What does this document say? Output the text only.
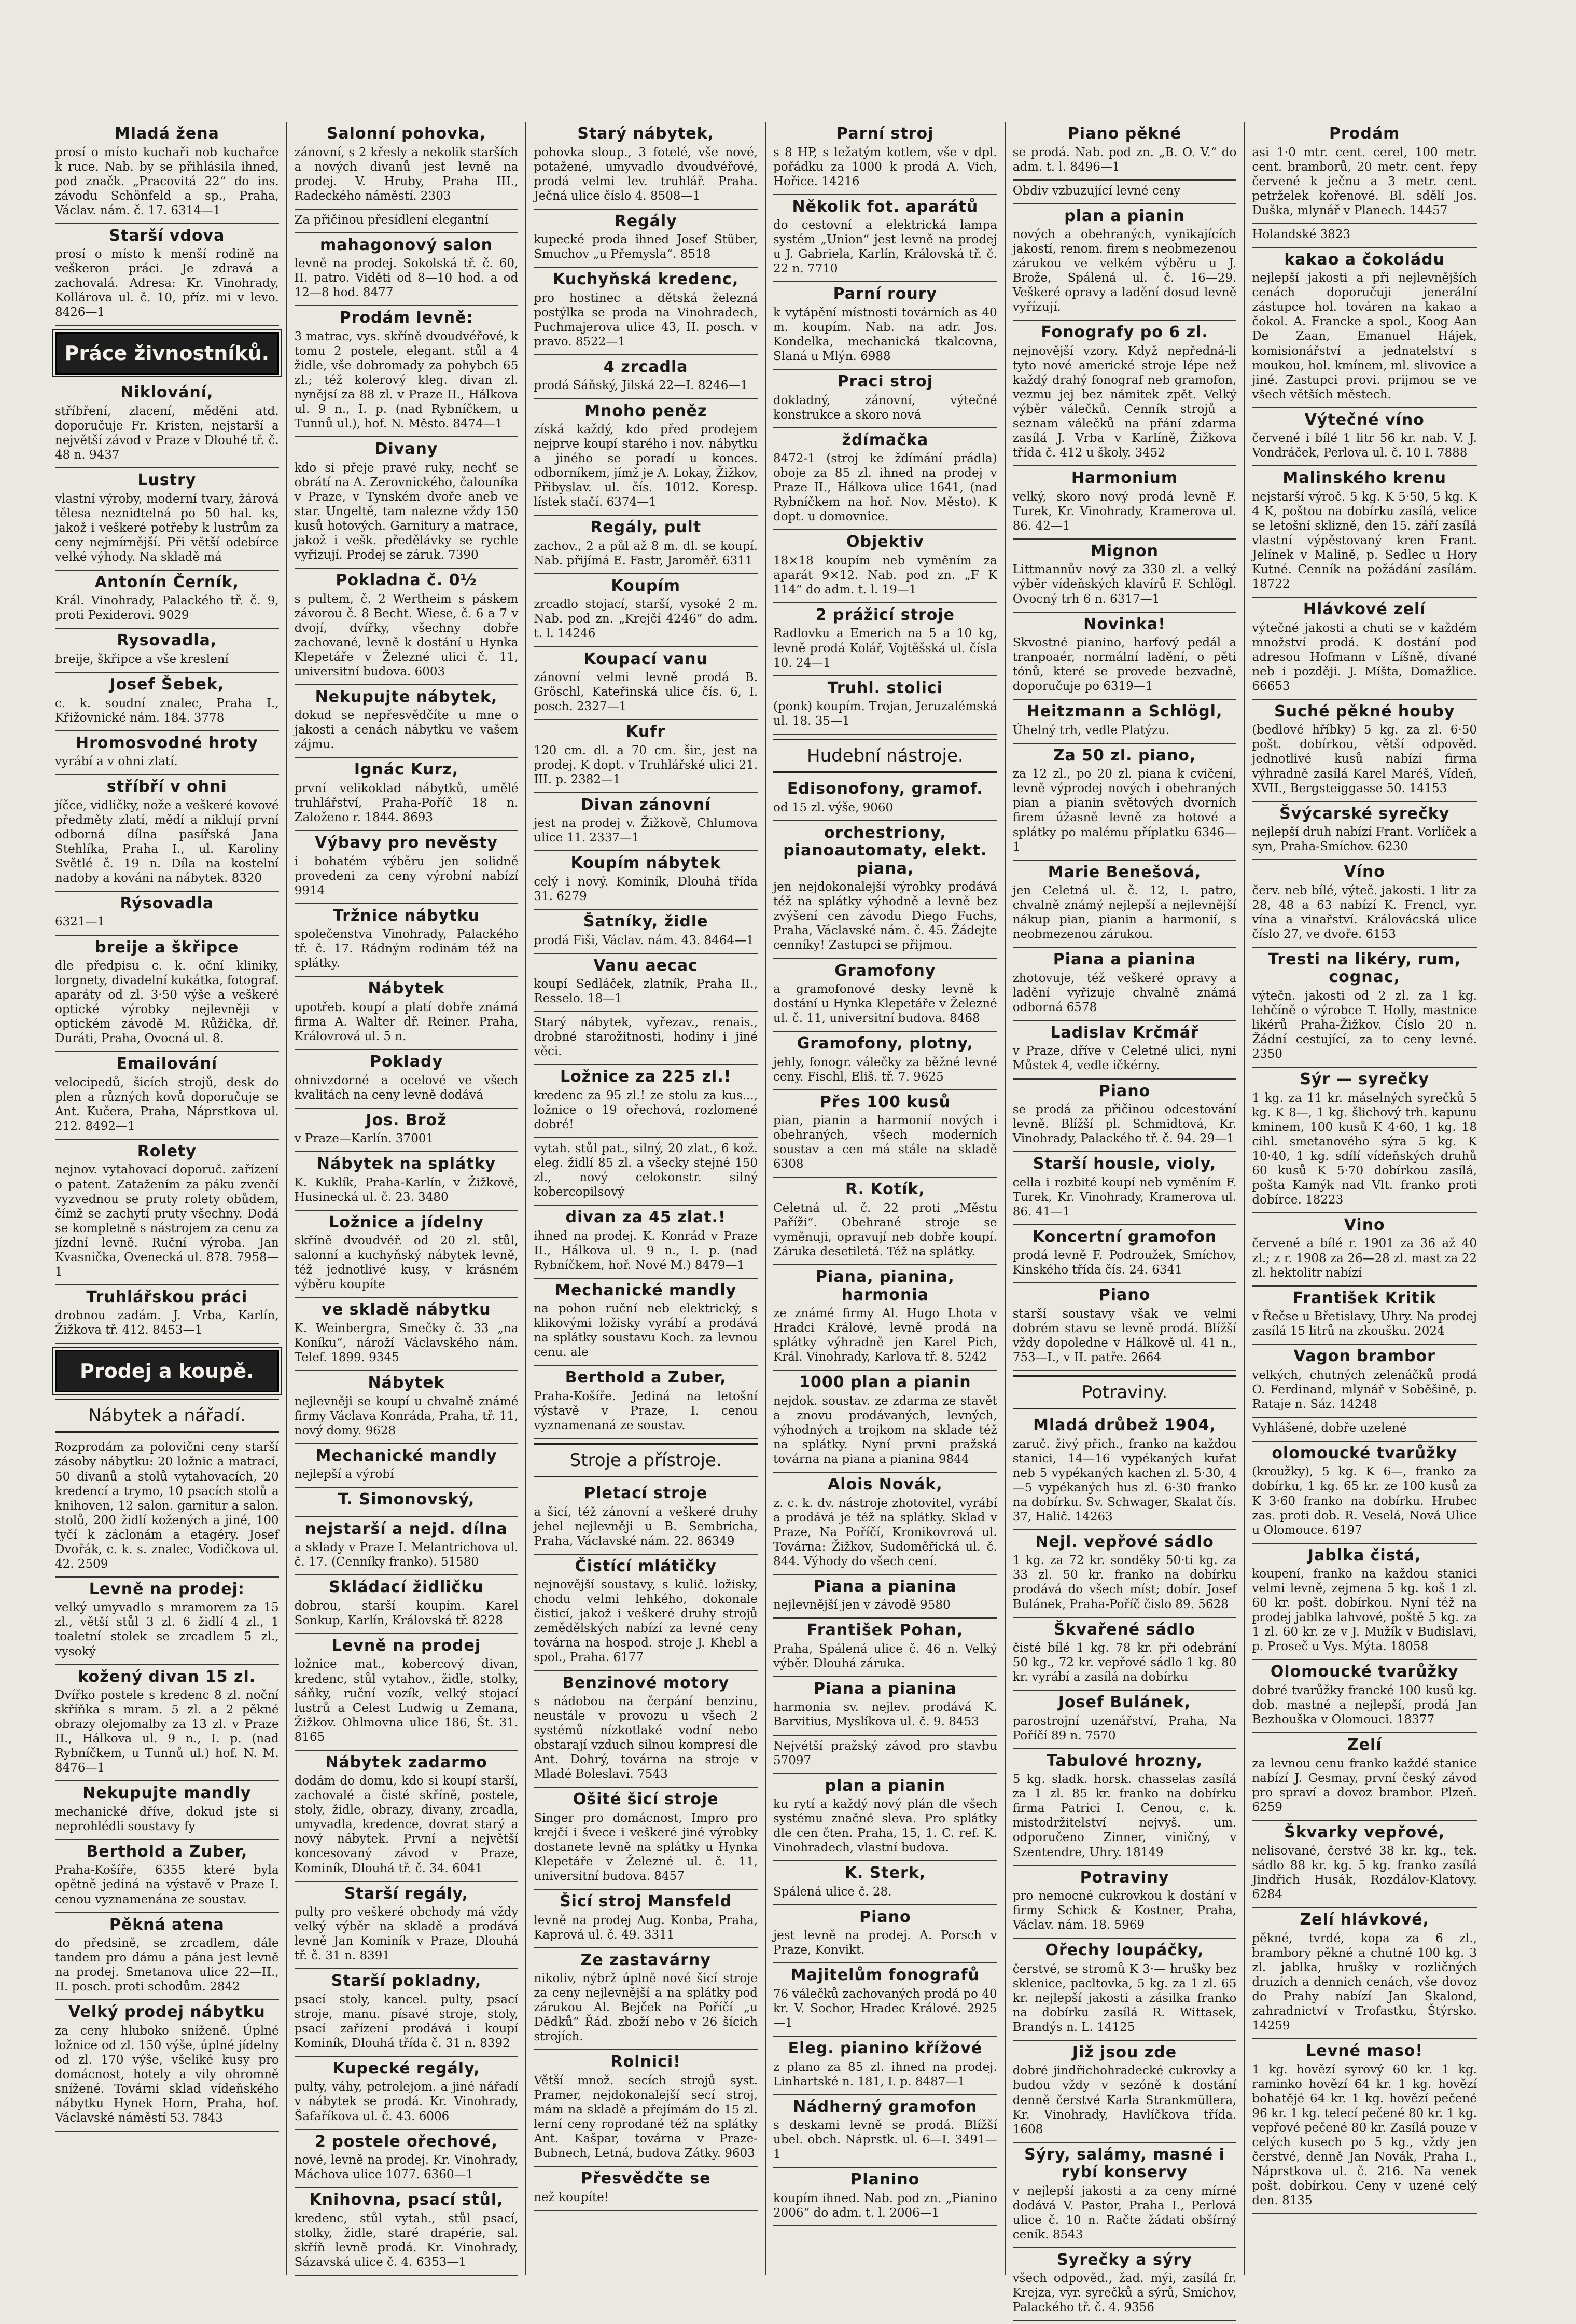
Mladá žena

prosí o místo kuchaři nob kuchařce k ruce. Nab. by se přihlásila ihned, pod značk. „Pracovitá 22“ do ins. závodu Schönfeld a sp., Praha, Václav. nám. č. 17. 6314—1

Starší vdova

prosí o místo k menší rodině na veškeron práci. Je zdravá a zachovalá. Adresa: Kr. Vinohrady, Kollárova ul. č. 10, příz. mi v levo. 8426—1

Práce živnostníků.
Niklování,

stříbření, zlacení, měděni atd. doporučuje Fr. Kristen, nejstarší a největší závod v Praze v Dlouhé tř. č. 48 n. 9437

Lustry

vlastní výroby, moderní tvary, žárová tělesa neznidtelná po 50 hal. ks, jakož i veškeré potřeby k lustrům za ceny nejmírnější. Při větší odebírce velké výhody. Na skladě má

Antonín Černík,

Král. Vinohrady, Palackého tř. č. 9, proti Pexiderovi. 9029

Rysovadla,

breije, škřipce a vše kreslení

Josef Šebek,

c. k. soudní znalec, Praha I., Křižovnické nám. 184. 3778

Hromosvodné hroty

vyrábí a v ohni zlatí.

stříbří v ohni

jíčce, vidličky, nože a veškeré kovové předměty zlatí, mědí a niklují první odborná dílna pasířská Jana Stehlíka, Praha I., ul. Karoliny Světlé č. 19 n. Díla na kostelní nadoby a kováni na nábytek. 8320

Rýsovadla

6321—1

breije a škřipce

dle předpisu c. k. oční kliniky, lorgnety, divadelní kukátka, fotograf. aparáty od zl. 3·50 výše a veškeré optické výrobky nejlevněji v optickém závodě M. Růžička, dř. Duráti, Praha, Ovocná ul. 8.

Emailování

velocipedů, šicích strojů, desk do plen a různých kovů doporučuje se Ant. Kučera, Praha, Náprstkova ul. 212. 8492—1

Rolety

nejnov. vytahovací doporuč. zařízení o patent. Zatažením za páku zvenčí vyzvednou se pruty rolety obůdem, čímž se zachytí pruty všechny. Dodá se kompletně s nástrojem za cenu za jízdní levně. Ruční výroba. Jan Kvasnička, Ovenecká ul. 878. 7958—1

Truhlářskou práci

drobnou zadám. J. Vrba, Karlín, Žižkova tř. 412. 8453—1

Prodej a koupě.
Nábytek a nářadí.

Rozprodám za polovični ceny starší zásoby nábytku: 20 ložnic a matrací, 50 divanů a stolů vytahovacích, 20 kredencí a trymo, 10 psacích stolů a knihoven, 12 salon. garnitur a salon. stolů, 200 židlí kožených a jiné, 100 tyčí k záclonám a etagéry. Josef Dvořák, c. k. s. znalec, Vodičkova ul. 42. 2509

Levně na prodej:

velký umyvadlo s mramorem za 15 zl., větší stůl 3 zl. 6 židlí 4 zl., 1 toaletní stolek se zrcadlem 5 zl., vysoký

kožený divan 15 zl.

Dvířko postele s kredenc 8 zl. noční skříňka s mram. 5 zl. a 2 pěkné obrazy olejomalby za 13 zl. v Praze II., Hálkova ul. 9 n., I. p. (nad Rybníčkem, u Tunnů ul.) hof. N. M. 8476—1

Nekupujte mandly

mechanické dříve, dokud jste si neprohlédli soustavy fy

Berthold a Zuber,

Praha-Košíře, 6355 které byla opětně jediná na výstavě v Praze I. cenou vyznamenána ze soustav.

Pěkná atena

do předsině, se zrcadlem, dále tandem pro dámu a pána jest levně na prodej. Smetanova ulice 22—II., II. posch. proti schodům. 2842

Velký prodej nábytku

za ceny hluboko sníženě. Úplné ložnice od zl. 150 výše, úplné jídelny od zl. 170 výše, všeliké kusy pro domácnost, hotely a vily ohromně snížené. Továrni sklad vídeňského nábytku Hynek Horn, Praha, hof. Václavské náměstí 53. 7843

Salonní pohovka,

zánovní, s 2 křesly a nekolik starších a nových divanů jest levně na prodej. V. Hruby, Praha III., Radeckého náměstí. 2303

Za přičinou přesídlení elegantní

mahagonový salon

levně na prodej. Sokolská tř. č. 60, II. patro. Viděti od 8—10 hod. a od 12—8 hod. 8477

Prodám levně:

3 matrac, vys. skříně dvoudvéřové, k tomu 2 postele, elegant. stůl a 4 židle, vše dobromady za pohybch 65 zl.; též kolerový kleg. divan zl. nynějsí za 88 zl. v Praze II., Hálkova ul. 9 n., I. p. (nad Rybníčkem, u Tunnů ul.), hof. N. Město. 8474—1

Divany

kdo si přeje pravé ruky, nechť se obrátí na A. Zerovnického, čalouníka v Praze, v Tynském dvoře aneb ve star. Ungeltě, tam nalezne vždy 150 kusů hotových. Garnitury a matrace, jakož i vešk. předělávky se rychle vyřizují. Prodej se záruk. 7390

Pokladna č. 0½

s pultem, č. 2 Wertheim s páskem závorou č. 8 Becht. Wiese, č. 6 a 7 v dvojí, dvířky, všechny dobře zachované, levně k dostání u Hynka Klepetáře v Železné ulici č. 11, universitní budova. 6003

Nekupujte nábytek,

dokud se nepřesvědčíte u mne o jakosti a cenách nábytku ve vašem zájmu.

Ignác Kurz,

první velikoklad nábytků, umělé truhlářství, Praha-Poříč 18 n. Založeno r. 1844. 8693

Výbavy pro nevěsty

i bohatém výběru jen solidně provedeni za ceny výrobní nabízí 9914

Tržnice nábytku

společenstva Vinohrady, Palackého tř. č. 17. Rádným rodinám též na splátky.

Nábytek

upotřeb. koupí a platí dobře známá firma A. Walter dř. Reiner. Praha, Královrová ul. 5 n.

Poklady

ohnivzdorné a ocelové ve všech kvalitách na ceny levně dodává

Jos. Brož

v Praze—Karlín. 37001

Nábytek na splátky

K. Kuklík, Praha-Karlín, v Žižkově, Husinecká ul. č. 23. 3480

Ložnice a jídelny

skříně dvoudvéř. od 20 zl. stůl, salonní a kuchyňský nábytek levně, též jednotlivé kusy, v krásném výběru koupíte

ve skladě nábytku

K. Weinbergra, Smečky č. 33 „na Koníku“, nároží Václavského nám. Telef. 1899. 9345

Nábytek

nejlevněji se koupí u chvalně známé firmy Václava Konráda, Praha, tř. 11, nový domy. 9628

Mechanické mandly

nejlepší a výrobí

T. Simonovský,
nejstarší a nejd. dílna

a sklady v Praze I. Melantrichova ul. č. 17. (Cenníky franko). 51580

Skládací židličku

dobrou, starší koupím. Karel Sonkup, Karlín, Královská tř. 8228

Levně na prodej

ložnice mat., kobercový divan, kredenc, stůl vytahov., židle, stolky, sáňky, ruční vozík, velký stojací lustrů a Celest Ludwig u Zemana, Žižkov. Ohlmovna ulice 186, Št. 31. 8165

Nábytek zadarmo

dodám do domu, kdo si koupí starší, zachovalé a čisté skříně, postele, stoly, židle, obrazy, divany, zrcadla, umyvadla, kredence, dovrat starý a nový nábytek. První a největší koncesovaný závod v Praze, Kominík, Dlouhá tř. č. 34. 6041

Starší regály,

pulty pro veškeré obchody má vždy velký výběr na skladě a prodává levně Jan Kominík v Praze, Dlouhá tř. č. 31 n. 8391

Starší pokladny,

psací stoly, kancel. pulty, psací stroje, manu. písavé stroje, stoly, psací zařízení prodává i koupí Kominík, Dlouhá třída č. 31 n. 8392

Kupecké regály,

pulty, váhy, petrolejom. a jiné nářadí v nábytek se prodá. Kr. Vinohrady, Šafaříkova ul. č. 43. 6006

2 postele ořechové,

nové, levně na prodej. Kr. Vinohrady, Máchova ulice 1077. 6360—1

Knihovna, psací stůl,

kredenc, stůl vytah., stůl psací, stolky, židle, staré drapérie, sal. skříň levně prodá. Kr. Vinohrady, Sázavská ulice č. 4. 6353—1

Starý nábytek,

pohovka sloup., 3 fotelé, vše nové, potažené, umyvadlo dvoudvéřové, prodá velmi lev. truhlář. Praha. Ječná ulice číslo 4. 8508—1

Regály

kupecké proda ihned Josef Stüber, Smuchov „u Přemysla“. 8518

Kuchyňská kredenc,

pro hostinec a dětská železná postýlka se proda na Vinohradech, Puchmajerova ulice 43, II. posch. v pravo. 8522—1

4 zrcadla

prodá Sáňský, Jilská 22—I. 8246—1

Mnoho peněz

získá každý, kdo před prodejem nejprve koupí starého i nov. nábytku a jiného se poradí u konces. odborníkem, jímž je A. Lokay, Žižkov, Přibyslav. ul. čís. 1012. Koresp. lístek stačí. 6374—1

Regály, pult

zachov., 2 a půl až 8 m. dl. se koupí. Nab. přijímá E. Fastr, Jaroměř. 6311

Koupím

zrcadlo stojací, starší, vysoké 2 m. Nab. pod zn. „Krejčí 4246“ do adm. t. l. 14246

Koupací vanu

zánovní velmi levně prodá B. Gröschl, Kateřinská ulice čís. 6, I. posch. 2327—1

Kufr

120 cm. dl. a 70 cm. šir., jest na prodej. K dopt. v Truhlářské ulici 21. III. p. 2382—1

Divan zánovní

jest na prodej v. Žižkově, Chlumova ulice 11. 2337—1

Koupím nábytek

celý i nový. Kominík, Dlouhá třída 31. 6279

Šatníky, židle

prodá Fiši, Václav. nám. 43. 8464—1

Vanu aecac

koupí Sedláček, zlatník, Praha II., Resselo. 18—1

Starý nábytek, vyřezav., renais., drobné starožitnosti, hodiny i jiné věci.

Ložnice za 225 zl.!

kredenc za 95 zl.! ze stolu za kus..., ložnice o 19 ořechová, rozlomené dobré!

vytah. stůl pat., silný, 20 zlat., 6 kož. eleg. židlí 85 zl. a všecky stejné 150 zl., nový celokonstr. silný kobercopilsový

divan za 45 zlat.!

ihned na prodej. K. Konrád v Praze II., Hálkova ul. 9 n., I. p. (nad Rybníčkem, hoř. Nové M.) 8479—1

Mechanické mandly

na pohon ruční neb elektrický, s klikovými ložisky vyrábí a prodává na splátky soustavu Koch. za levnou cenu. ale

Berthold a Zuber,

Praha-Košíře. Jediná na letošní výstavě v Praze, I. cenou vyznamenaná ze soustav.

Stroje a přístroje.
Pletací stroje

a šicí, též zánovní a veškeré druhy jehel nejlevněji u B. Sembricha, Praha, Václavské nám. 22. 86349

Čistící mlátičky

nejnovější soustavy, s kulič. ložisky, chodu velmi lehkého, dokonale čisticí, jakož i veškeré druhy strojů zemědělských nabízí za levné ceny továrna na hospod. stroje J. Khebl a spol., Praha. 6177

Benzinové motory

s nádobou na čerpání benzinu, neustále v provozu u všech 2 systémů nízkotlaké vodní nebo obstarají vzduch silnou kompresí dle Ant. Dohrý, továrna na stroje v Mladé Boleslavi. 7543

Ošité šicí stroje

Singer pro domácnost, Impro pro krejčí i švece i veškeré jiné výrobky dostanete levně na splátky u Hynka Klepetáře v Železné ul. č. 11, universitní budova. 8457

Šicí stroj Mansfeld

levně na prodej Aug. Konba, Praha, Kaprová ul. č. 49. 3311

Ze zastavárny

nikoliv, nýbrž úplně nové šicí stroje za ceny nejlevnější a na splátky pod zárukou Al. Bejček na Poříčí „u Dědků“ Řád. zboží nebo v 26 šícich strojích.

Rolnici!

Větší množ. secích strojů syst. Pramer, nejdokonalejší secí stroj, mám na skladě a přejímám do 15 zl. lerní ceny roprodané též na splátky Ant. Kašpar, továrna v Praze-Bubnech, Letná, budova Zátky. 9603

Přesvědčte se

než koupíte!

Parní stroj

s 8 HP, s ležatým kotlem, vše v dpl. pořádku za 1000 k prodá A. Vich, Hořice. 14216

Několik fot. aparátů

do cestovní a elektrická lampa systém „Union“ jest levně na prodej u J. Gabriela, Karlín, Královská tř. č. 22 n. 7710

Parní roury

k vytápění místnosti továrních as 40 m. koupím. Nab. na adr. Jos. Kondelka, mechanická tkalcovna, Slaná u Mlýn. 6988

Praci stroj

dokladný, zánovní, výtečné konstrukce a skoro nová

ždímačka

8472-1 (stroj ke ždímání prádla) oboje za 85 zl. ihned na prodej v Praze II., Hálkova ulice 1641, (nad Rybníčkem na hoř. Nov. Město). K dopt. u domovnice.

Objektiv

18×18 koupím neb vyměním za aparát 9×12. Nab. pod zn. „F K 114“ do adm. t. l. 19—1

2 prážicí stroje

Radlovku a Emerich na 5 a 10 kg, levně prodá Kolář, Vojtěšská ul. čísla 10. 24—1

Truhl. stolici

(ponk) koupím. Trojan, Jeruzalémská ul. 18. 35—1

Hudební nástroje.
Edisonofony, gramof.

od 15 zl. výše, 9060

orchestriony, pianoautomaty, elekt. piana,

jen nejdokonalejší výrobky prodává též na splátky výhodně a levně bez zvýšení cen závodu Diego Fuchs, Praha, Václavské nám. č. 45. Žádejte cenníky! Zastupci se přijmou.

Gramofony

a gramofonové desky levně k dostání u Hynka Klepetáře v Železné ul. č. 11, universitní budova. 8468

Gramofony, plotny,

jehly, fonogr. válečky za běžné levné ceny. Fischl, Eliš. tř. 7. 9625

Přes 100 kusů

pian, pianin a harmonií nových i obehraných, všech moderních soustav a cen má stále na skladě 6308

R. Kotík,

Celetná ul. č. 22 proti „Městu Paříži“. Obehrané stroje se vyměnuji, opravují neb dobře koupí. Zárukа desetiletá. Též na splátky.

Piana, pianina, harmonia

ze známé firmy Al. Hugo Lhota v Hradci Králové, levně prodá na splátky výhradně jen Karel Pich, Král. Vinohrady, Karlova tř. 8. 5242

1000 plan a pianin

nejdok. soustav. ze zdarma ze stavět a znovu prodávaných, levných, výhodných a trojkom na sklade též na splátky. Nyní prvni pražská továrna na piana a pianina 9844

Alois Novák,

z. c. k. dv. nástroje zhotovitel, vyrábí a prodává je též na splátky. Sklad v Praze, Na Poříčí, Kronikovrová ul. Továrna: Žižkov, Sudoměřická ul. č. 844. Výhody do všech cení.

Piana a pianina

nejlevnější jen v závodě 9580

František Pohan,

Praha, Spálená ulice č. 46 n. Velký výběr. Dlouhá záruka.

Piana a pianina

harmonia sv. nejlev. prodává K. Barvitius, Myslíkova ul. č. 9. 8453

Nejvétší pražský závod pro stavbu 57097

plan a pianin

ku rytí a každý nový plán dle všech systému značné sleva. Pro splátky dle cen čten. Praha, 15, 1. C. ref. K. Vinohradech, vlastní budova.

K. Sterk,

Spálená ulice č. 28.

Piano

jest levně na prodej. A. Porsch v Praze, Konvikt.

Majitelům fonografů

76 válečků zachovaných prodá po 40 kr. V. Sochor, Hradec Králové. 2925—1

Eleg. pianino křížové

z plano za 85 zl. ihned na prodej. Linhartské n. 181, I. p. 8487—1

Nádherný gramofon

s deskami levně se prodá. Blížší ubel. obch. Náprstk. ul. 6—I. 3491—1

Planino

koupím ihned. Nab. pod zn. „Pianino 2006“ do adm. t. l. 2006—1

Piano pěkné

se prodá. Nab. pod zn. „B. O. V.“ do adm. t. l. 8496—1

Obdiv vzbuzující levné ceny

plan a pianin

nových a obehraných, vynikajících jakostí, renom. firem s neobmezenou zárukou ve velkém výběru u J. Brože, Spálená ul. č. 16—29. Veškeré opravy a ladění dosud levně vyřízují.

Fonografy po 6 zl.

nejnovější vzory. Když nepředná-li tyto nové americké stroje lépe než každý drahý fonograf neb gramofon, vezmu jej bez námitek zpět. Velký výběr válečků. Cenník strojů a seznam válečků na přání zdarma zasílá J. Vrba v Karlíně, Žižkova třída č. 412 u školy. 3452

Harmonium

velký, skoro nový prodá levně F. Turek, Kr. Vinohrady, Kramerova ul. 86. 42—1

Mignon

Littmannův nový za 330 zl. a velký výběr vídeňských klavírů F. Schlögl. Ovocný trh 6 n. 6317—1

Novinka!

Skvostné pianino, harfový pedál a tranpoaér, normální ladění, o pěti tónů, které se provede bezvadně, doporučuje po 6319—1

Heitzmann a Schlögl,

Úhelný trh, vedle Platýzu.

Za 50 zl. piano,

za 12 zl., po 20 zl. piana k cvičení, levně výprodej nových i obehraných pian a pianin světových dvorních firem úžasně levně za hotové a splátky po malému příplatku 6346—1

Marie Benešová,

jen Celetná ul. č. 12, I. patro, chvalně známý nejlepší a nejlevnější nákup pian, pianin a harmonií, s neobmezenou zárukou.

Piana a pianina

zhotovuje, též veškeré opravy a ladění vyřizuje chvalně známá odborná 6578

Ladislav Krčmář

v Praze, dříve v Celetné ulici, nyni Můstek 4, vedle ičkérny.

Piano

se prodá za přičinou odcestování levně. Blížší pl. Schmidtová, Kr. Vinohrady, Palackého tř. č. 94. 29—1

Starší housle, violy,

cella i rozbité koupí neb vyměním F. Turek, Kr. Vinohrady, Kramerova ul. 86. 41—1

Koncertní gramofon

prodá levně F. Podroužek, Smíchov, Kinského třída čís. 24. 6341

Piano

starší soustavy však ve velmi dobrém stavu se levně prodá. Blížší vždy dopoledne v Hálkově ul. 41 n., 753—I., v II. patře. 2664

Potraviny.
Mladá drůbež 1904,

zaruč. živý přich., franko na každou stanici, 14—16 vypékaných kuřat neb 5 vypékaných kachen zl. 5·30, 4—5 vypékaných hus zl. 6·30 franko na dobírku. Sv. Schwager, Skalat čís. 37, Halič. 14263

Nejl. vepřové sádlo

1 kg. za 72 kr. sonděky 50·ti kg. za 33 zl. 50 kr. franko na dobírku prodává do všech míst; dobír. Josef Bulánek, Praha-Poříč čislo 89. 5628

Škvařené sádlo

čisté bílé 1 kg. 78 kr. při odebrání 50 kg., 72 kr. vepřové sádlo 1 kg. 80 kr. vyrábí a zasílá na dobírku

Josef Bulánek,

parostrojní uzenářství, Praha, Na Poříčí 89 n. 7570

Tabulové hrozny,

5 kg. sladk. horsk. chasselas zasílá za 1 zl. 85 kr. franko na dobírku firma Patrici I. Cenou, c. k. mistodržitelství nejvyš. um. odporučeno Zinner, viničný, v Szentendre, Uhry. 18149

Potraviny

pro nemocné cukrovkou k dostání v firmy Schick & Kostner, Praha, Václav. nám. 18. 5969

Ořechy loupáčky,

čerstvé, se stromů K 3·— hrušky bez sklenice, pacltovka, 5 kg. za 1 zl. 65 kr. nejlepší jakosti a zásilka franko na dobírku zasílá R. Wittasek, Brandýs n. L. 14125

Již jsou zde

dobré jindřichohradecké cukrovky a budou vždy v sezóně k dostání denně čerstvé Karla Strankmüllera, Kr. Vinohrady, Havlíčkova třída. 1608

Sýry, salámy, masné i rybí konservy

v nejlepší jakosti a za ceny mírné dodává V. Pastor, Praha I., Perlová ulice č. 10 n. Račte žádati obšírný ceník. 8543

Syrečky a sýry

všech odpověd., žad. mýi, zasílá fr. Krejza, vyr. syrečků a sýrů, Smíchov, Palackého tř. č. 4. 9356

Prodám

asi 1·0 mtr. cent. cerel, 100 metr. cent. bramborů, 20 metr. cent. řepy červené k ječnu a 3 metr. cent. petrželek kořenové. Bl. sdělí Jos. Duška, mlynář v Planech. 14457

Holandské 3823

kakao a čokoládu

nejlepší jakosti a při nejlevnějších cenách doporučuji jenerální zástupce hol. továren na kakao a čokol. A. Francke a spol., Koog Aan De Zaan, Emanuel Hájek, komisionářství a jednatelství s moukou, hol. kmínem, ml. slivovice a jiné. Zastupci provi. prijmou se ve všech větších městech.

Výtečné víno

červené i bílé 1 litr 56 kr. nab. V. J. Vondráček, Perlova ul. č. 10 I. 7888

Malinského krenu

nejstarší výroč. 5 kg. K 5·50, 5 kg. K 4 K, poštou na dobírku zasílá, velice se letošní sklizně, den 15. září zasílá vlastní výpěstovaný kren Frant. Jelínek v Malině, p. Sedlec u Hory Kutné. Cenník na požádání zasílám. 18722

Hlávkové zelí

výtečné jakosti a chuti se v každém množství prodá. K dostání pod adresou Hofmann v Líšně, dívané neb i později. J. Míšta, Domažlice. 66653

Suché pěkné houby

(bedlové hříbky) 5 kg. za zl. 6·50 pošt. dobírkou, větší odpověd. jednotlivé kusů nabízí firma výhradně zasílá Karel Maréš, Vídeň, XVII., Bergsteiggasse 50. 14153

Švýcarské syrečky

nejlepší druh nabízí Frant. Vorlíček a syn, Praha-Smíchov. 6230

Víno

červ. neb bílé, výteč. jakosti. 1 litr za 28, 48 a 63 nabízí K. Frencl, vyr. vína a vinařství. Královácská ulice číslo 27, ve dvoře. 6153

Tresti na likéry, rum, cognac,

výtečn. jakosti od 2 zl. za 1 kg. lehčíně o výrobce T. Holly, mastnice likérů Praha-Žižkov. Číslo 20 n. Žádní cestující, za to ceny levné. 2350

Sýr — syrečky

1 kg. za 11 kr. máselných syrečků 5 kg. K 8—, 1 kg. šlichový trh. kapunu kminem, 100 kusů K 4·60, 1 kg. 18 cihl. smetanového sýra 5 kg. K 10·40, 1 kg. sdílí vídeňských druhů 60 kusů K 5·70 dobírkou zasílá, pošta Kamýk nad Vlt. franko proti dobírce. 18223

Vino

červené a bílé r. 1901 za 36 až 40 zl.; z r. 1908 za 26—28 zl. mast za 22 zl. hektolitr nabízí

František Kritik

v Řečse u Břetislavy, Uhry. Na prodej zasílá 15 litrů na zkoušku. 2024

Vagon brambor

velkých, chutných zelenáčků prodá O. Ferdinand, mlynář v Soběšině, p. Rataje n. Sáz. 14248

Vyhlášené, dobře uzelené

olomoucké tvarůžky

(kroužky), 5 kg. K 6—, franko za dobírku, 1 kg. 65 kr. ze 100 kusů za K 3·60 franko na dobírku. Hrubec zas. proti dob. R. Veselá, Nová Ulice u Olomouce. 6197

Jablka čistá,

koupení, franko na každou stanici velmi levně, zejmena 5 kg. koš 1 zl. 60 kr. pošt. dobírkou. Nyní též na prodej jablka lahvové, poště 5 kg. za 1 zl. 60 kr. ze v J. Mužík v Budislavi, p. Proseč u Vys. Mýta. 18058

Olomoucké tvarůžky

dobré tvarůžky francké 100 kusů kg. dob. mastné a nejlepší, prodá Jan Bezhouška v Olomouci. 18377

Zelí

za levnou cenu franko každé stanice nabízí J. Gesmay, první český závod pro spraví a dovoz brambor. Plzeň. 6259

Škvarky vepřové,

nelisované, čerstvé 38 kr. kg., tek. sádlo 88 kr. kg. 5 kg. franko zasílá Jindřich Husák, Rozdálov-Klatovy. 6284

Zelí hlávkové,

pěkné, tvrdé, kopa za 6 zl., brambory pěkné a chutné 100 kg. 3 zl. jablka, hrušky v rozličných druzích a dennich cenách, vše dovoz do Prahy nabízí Jan Skalond, zahradnictví v Trofastku, Štýrsko. 14259

Levné maso!

1 kg. hovězí syrový 60 kr. 1 kg. raminko hovězí 64 kr. 1 kg. hovězí bohatějé 64 kr. 1 kg. hovězí pečené 96 kr. 1 kg. telecí pečené 80 kr. 1 kg. vepřové pečené 80 kr. Zasílá pouze v celých kusech po 5 kg., vždy jen čerstvé, denně Jan Novák, Praha I., Náprstkova ul. č. 216. Na venek pošt. dobírkou. Ceny v uzené celý den. 8135
